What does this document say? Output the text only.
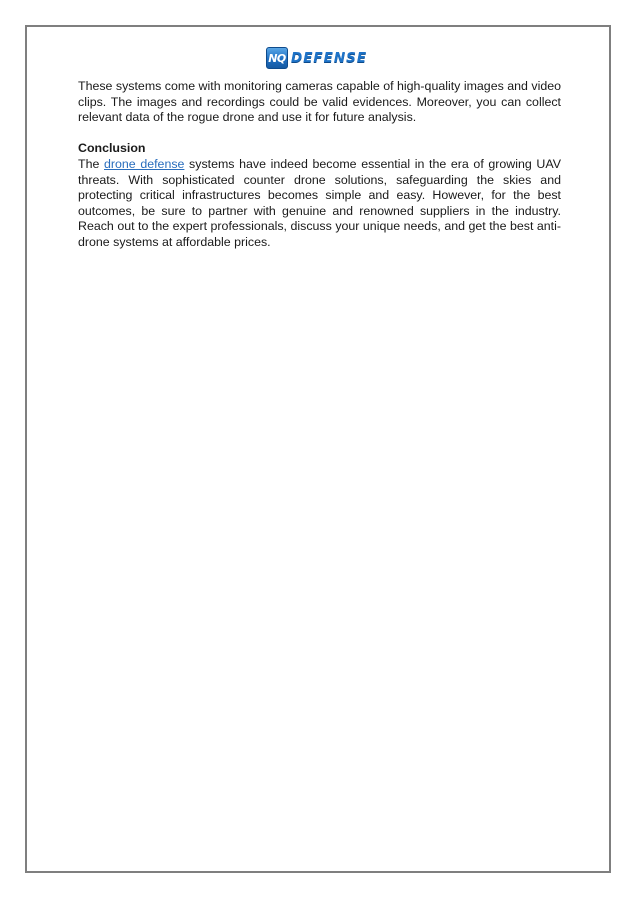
NQ DEFENSE

These systems come with monitoring cameras capable of high-quality images and video clips. The images and recordings could be valid evidences. Moreover, you can collect relevant data of the rogue drone and use it for future analysis.

Conclusion

The drone defense systems have indeed become essential in the era of growing UAV threats. With sophisticated counter drone solutions, safeguarding the skies and protecting critical infrastructures becomes simple and easy. However, for the best outcomes, be sure to partner with genuine and renowned suppliers in the industry. Reach out to the expert professionals, discuss your unique needs, and get the best anti-drone systems at affordable prices.
